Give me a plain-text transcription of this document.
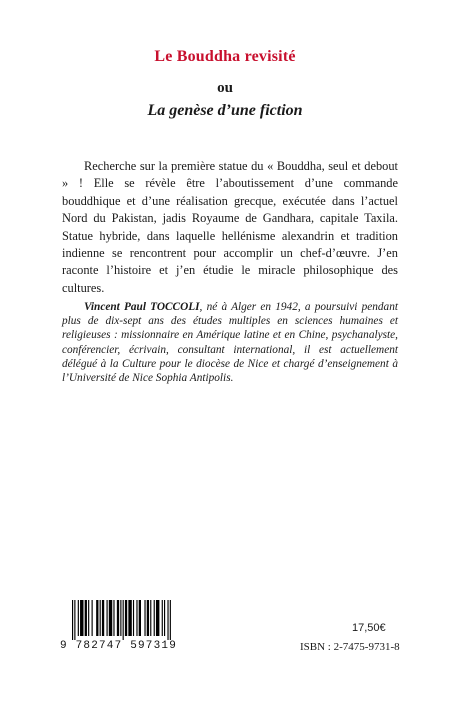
Le Bouddha revisité
ou
La genèse d’une fiction

Recherche sur la première statue du « Bouddha, seul et debout » ! Elle se révèle être l’aboutissement d’une commande bouddhique et d’une réalisation grecque, exécutée dans l’actuel Nord du Pakistan, jadis Royaume de Gandhara, capitale Taxila. Statue hybride, dans laquelle hellénisme alexandrin et tradition indienne se rencontrent pour accomplir un chef-d’œuvre. J’en raconte l’histoire et j’en étudie le miracle philosophique des cultures.

Vincent Paul TOCCOLI, né à Alger en 1942, a poursuivi pendant plus de dix-sept ans des études multiples en sciences humaines et religieuses : missionnaire en Amérique latine et en Chine, psychanalyste, conférencier, écrivain, consultant international, il est actuellement délégué à la Culture pour le diocèse de Nice et chargé d’enseignement à l’Université de Nice Sophia Antipolis.

9 782747 597319
17,50€
ISBN : 2-7475-9731-8
